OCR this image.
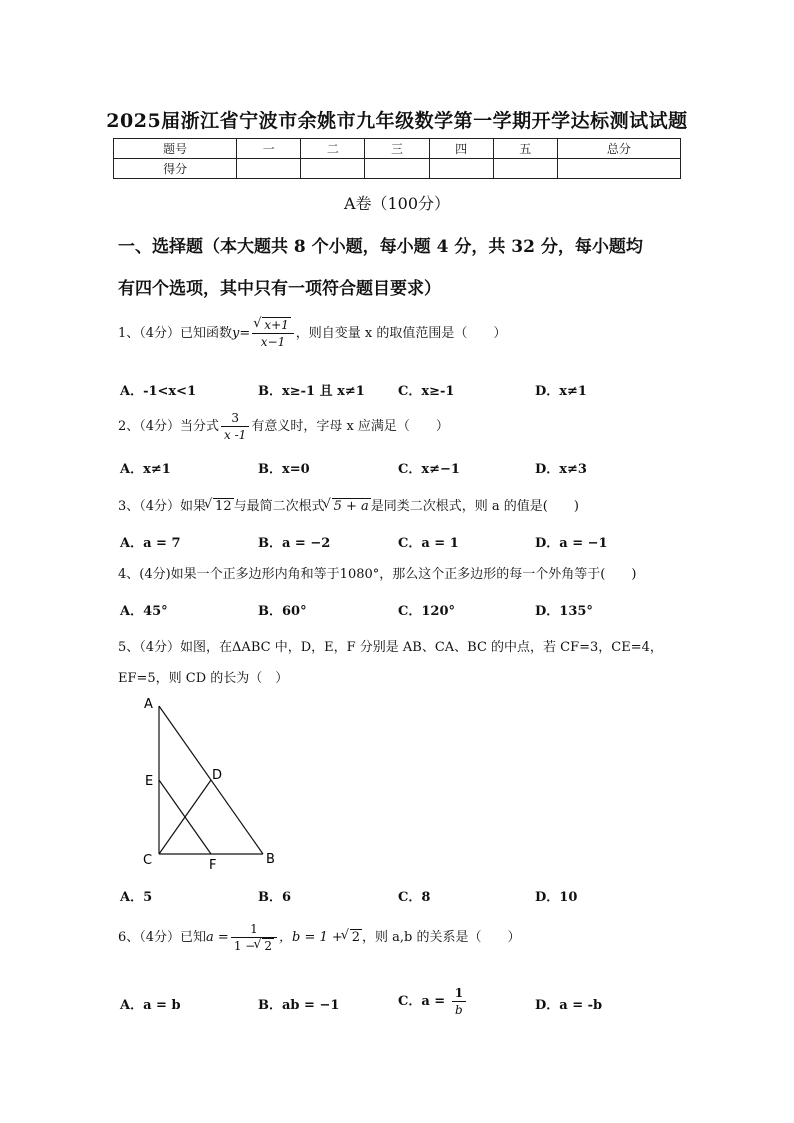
2025届浙江省宁波市余姚市九年级数学第一学期开学达标测试试题
题号	一	二	三	四	五	总分
得分						
A卷（100分）
一、选择题（本大题共 8 个小题，每小题 4 分，共 32 分，每小题均
有四个选项，其中只有一项符合题目要求）
1、（4分）已知函数y= √ $\frac{x+1}{x-1}$ ，则自变量 x 的取值范围是（　　）
A．-1<x<1	B．x≥-1 且 x≠1	C．x≥-1	D．x≠1
2、（4分）当分式 $\frac{3}{x -1}$ 有意义时，字母 x 应满足（　　）
A．x≠1	B．x=0	C．x≠−1	D．x≠3
3、（4分）如果 √ 12 与最简二次根式 √ 5 + a 是同类二次根式，则 a 的值是(　　)
A．a = 7	B．a = −2	C．a = 1	D．a = −1
4、(4分)如果一个正多边形内角和等于1080°，那么这个正多边形的每一个外角等于(　　)
A．45°	B．60°	C．120°	D．135°
5、（4分）如图，在ΔABC 中，D，E，F 分别是 AB、CA、BC 的中点，若 CF=3，CE=4，
EF=5，则 CD 的长为（　）
A
E	D
C	F	B
A．5	B．6	C．8	D．10
6、（4分）已知$a = \frac{1}{1 - √ 2}$ ，b = 1 + √ 2 ，则 a,b 的关系是（　　）
A．a = b	B．ab = −1	C．$a = \frac{1}{b}$	D．a = -b
